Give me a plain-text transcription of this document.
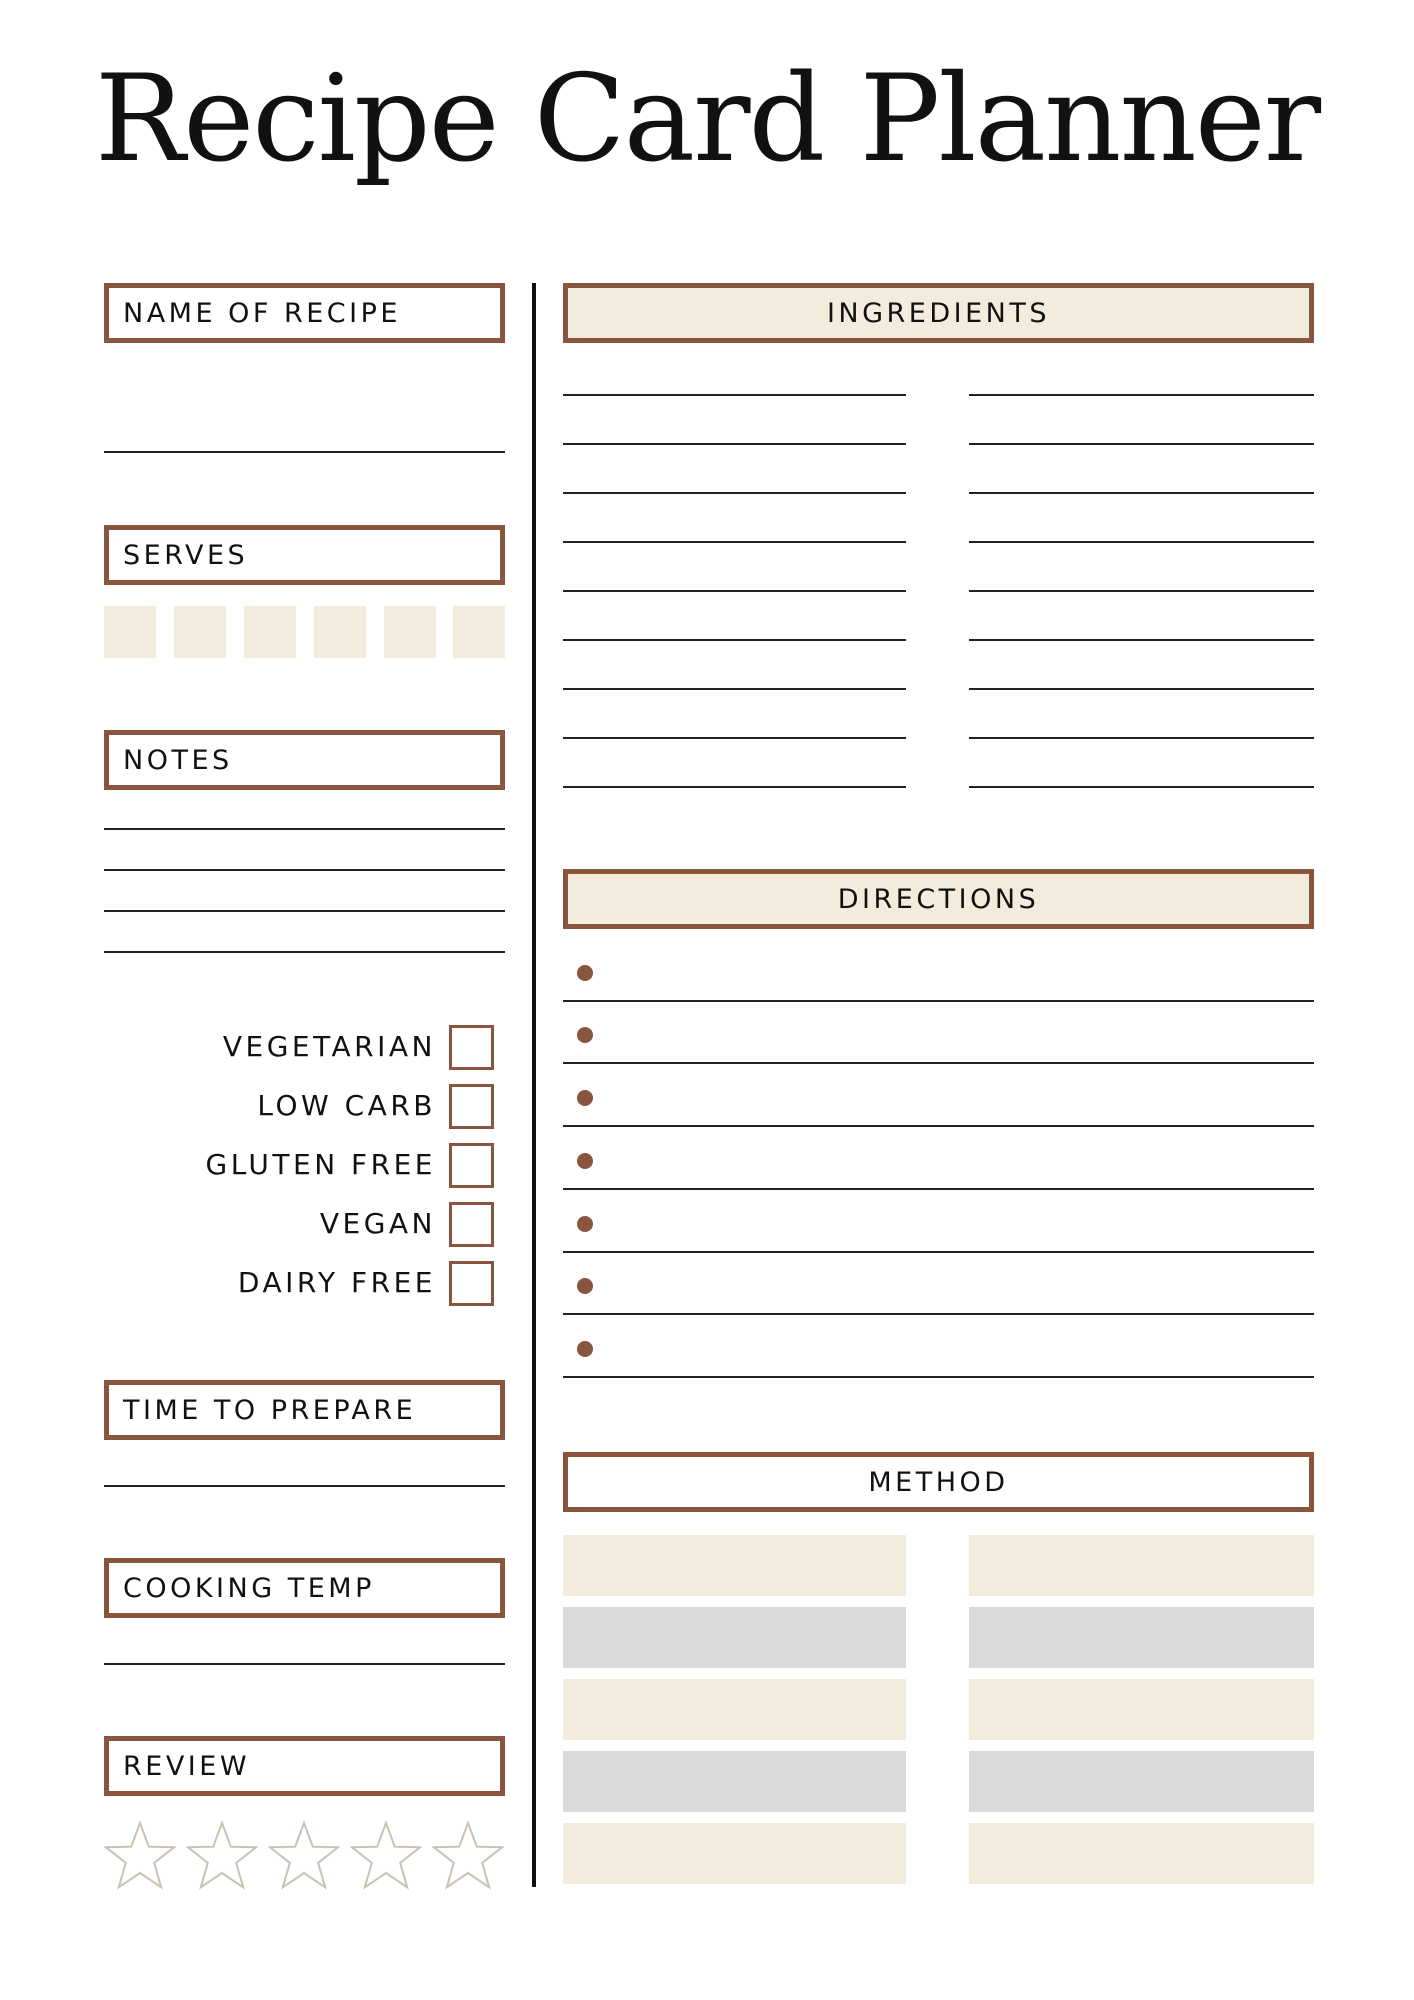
Recipe Card Planner
NAME OF RECIPE
SERVES
NOTES
VEGETARIAN
LOW CARB
GLUTEN FREE
VEGAN
DAIRY FREE
TIME TO PREPARE
COOKING TEMP
REVIEW
INGREDIENTS
DIRECTIONS
METHOD
